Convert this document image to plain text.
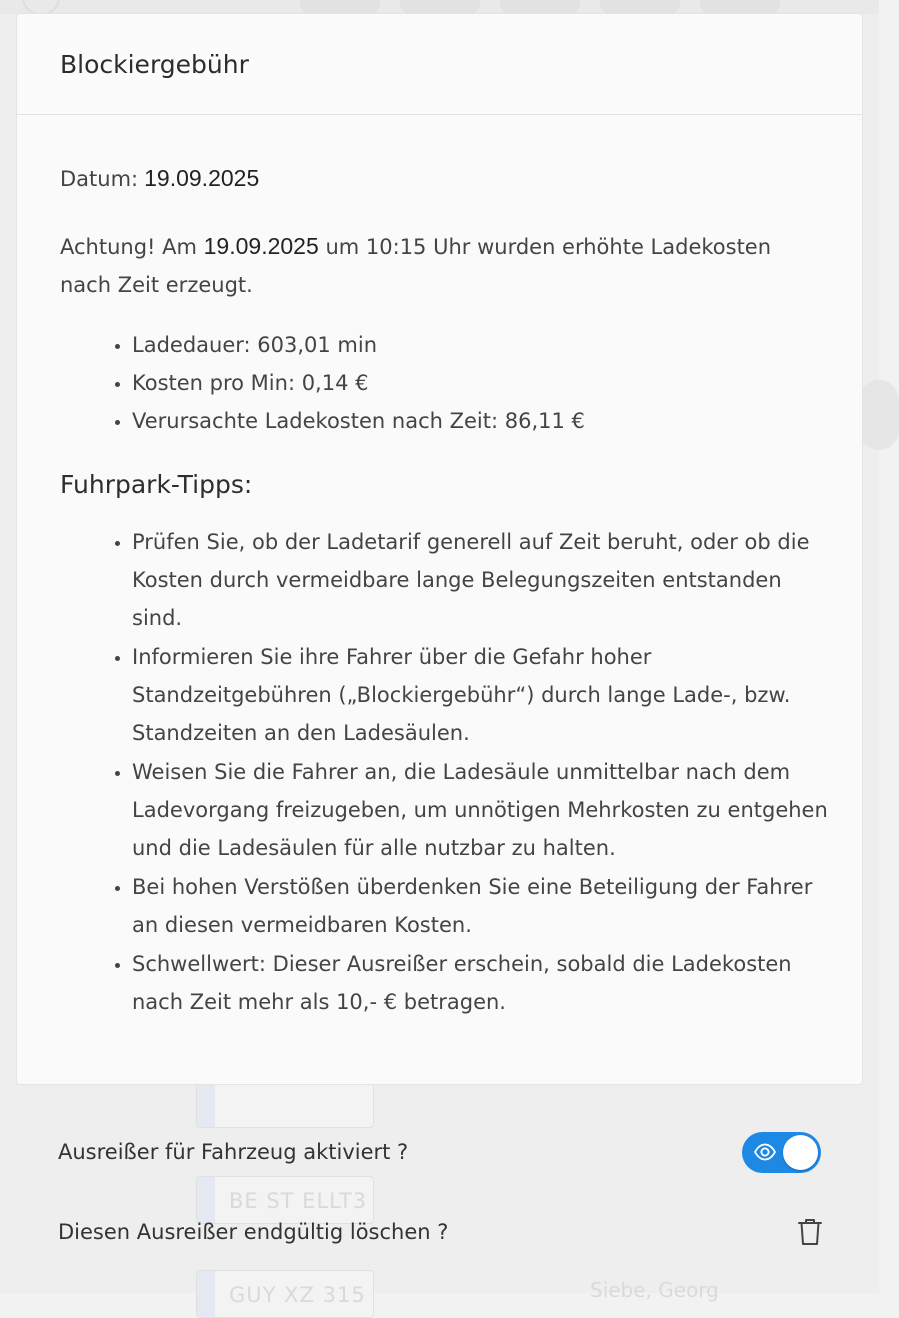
BE ST ELLT3
GUY XZ 315	Siebe, Georg
Blockiergebühr

Datum: 19.09.2025

Achtung! Am 19.09.2025 um 10:15 Uhr wurden erhöhte Ladekosten nach Zeit erzeugt.

• Ladedauer: 603,01 min
• Kosten pro Min: 0,14 €
• Verursachte Ladekosten nach Zeit: 86,11 €
Fuhrpark-Tipps:
• Prüfen Sie, ob der Ladetarif generell auf Zeit beruht, oder ob die Kosten durch vermeidbare lange Belegungszeiten entstanden sind.
• Informieren Sie ihre Fahrer über die Gefahr hoher Standzeitgebühren („Blockiergebühr“) durch lange Lade-, bzw. Standzeiten an den Ladesäulen.
• Weisen Sie die Fahrer an, die Ladesäule unmittelbar nach dem Ladevorgang freizugeben, um unnötigen Mehrkosten zu entgehen und die Ladesäulen für alle nutzbar zu halten.
• Bei hohen Verstößen überdenken Sie eine Beteiligung der Fahrer an diesen vermeidbaren Kosten.
• Schwellwert: Dieser Ausreißer erschein, sobald die Ladekosten nach Zeit mehr als 10,- € betragen.
Ausreißer für Fahrzeug aktiviert ?
Diesen Ausreißer endgültig löschen ?
